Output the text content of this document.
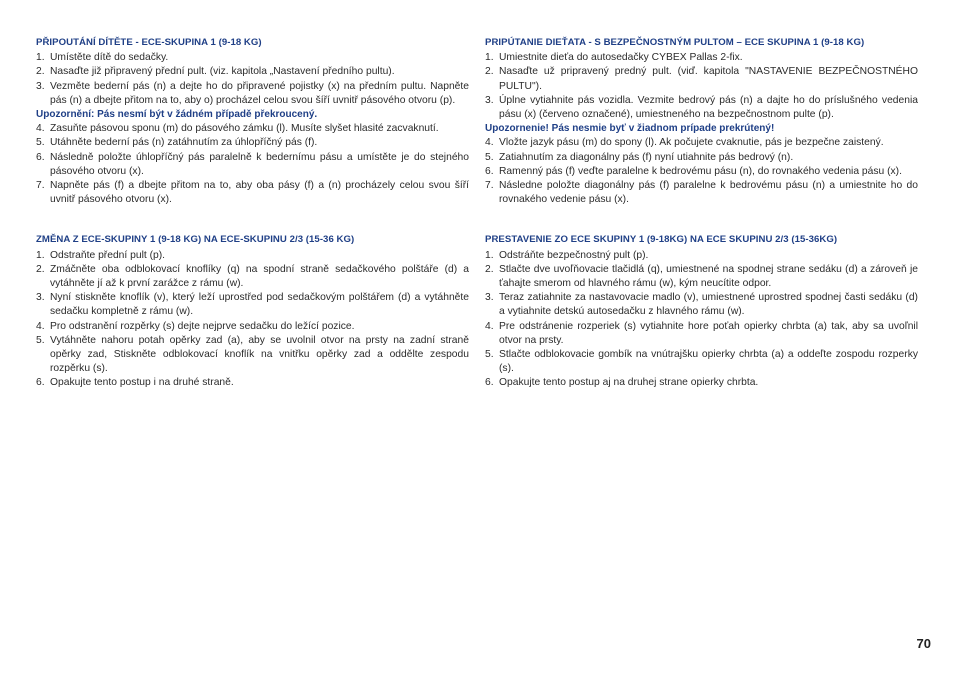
PŘIPOUTÁNÍ DÍTĚTE - ECE-SKUPINA 1 (9-18 KG)

1. Umístěte dítě do sedačky.
2. Nasaďte již připravený přední pult. (viz. kapitola „Nastavení předního pultu).
3. Vezměte bederní pás (n) a dejte ho do připravené pojistky (x) na předním pultu. Napněte pás (n) a dbejte přitom na to, aby o) procházel celou svou šíří uvnitř pásového otvoru (p).

Upozornění: Pás nesmí být v žádném případě překroucený.

4. Zasuňte pásovou sponu (m) do pásového zámku (l). Musíte slyšet hlasité zacvaknutí.
5. Utáhněte bederní pás (n) zatáhnutím za úhlopříčný pás (f).
6. Následně položte úhlopříčný pás paralelně k bedernímu pásu a umístěte je do stejného pásového otvoru (x).
7. Napněte pás (f) a dbejte přitom na to, aby oba pásy (f) a (n) procházely celou svou šíří uvnitř pásového otvoru (x).

ZMĚNA Z ECE-SKUPINY 1 (9-18 KG) NA ECE-SKUPINU 2/3 (15-36 KG)

1. Odstraňte přední pult (p).
2. Zmáčněte oba odblokovací knoflíky (q) na spodní straně sedačkového polštáře (d) a vytáhněte jí až k první zarážce z rámu (w).
3. Nyní stiskněte knoflík (v), který leží uprostřed pod sedačkovým polštářem (d) a vytáhněte sedačku kompletně z rámu (w).
4. Pro odstranění rozpěrky (s) dejte nejprve sedačku do ležící pozice.
5. Vytáhněte nahoru potah opěrky zad (a), aby se uvolnil otvor na prsty na zadní straně opěrky zad, Stiskněte odblokovací knoflík na vnitřku opěrky zad a oddělte zespodu rozpěrku (s).
6. Opakujte tento postup i na druhé straně.

PRIPÚTANIE DIEŤATA - S BEZPEČNOSTNÝM PULTOM – ECE SKUPINA 1 (9-18 KG)

1. Umiestnite dieťa do autosedačky CYBEX Pallas 2-fix.
2. Nasaďte už pripravený predný pult. (viď. kapitola "NASTAVENIE BEZPEČNOSTNÉHO PULTU").
3. Úplne vytiahnite pás vozidla. Vezmite bedrový pás (n) a dajte ho do príslušného vedenia pásu (x) (červeno označené), umiestneného na bezpečnostnom pulte (p).

Upozornenie! Pás nesmie byť v žiadnom prípade prekrútený!

4. Vložte jazyk pásu (m) do spony (l). Ak počujete cvaknutie, pás je bezpečne zaistený.
5. Zatiahnutím za diagonálny pás (f) nyní utiahnite pás bedrový (n).
6. Ramenný pás (f) veďte paralelne k bedrovému pásu (n), do rovnakého vedenia pásu (x).
7. Následne položte diagonálny pás (f) paralelne k bedrovému pásu (n) a umiestnite ho do rovnakého vedenie pásu (x).

PRESTAVENIE ZO ECE SKUPINY 1 (9-18KG) NA ECE SKUPINU 2/3 (15-36KG)

1. Odstráňte bezpečnostný pult (p).
2. Stlačte dve uvoľňovacie tlačidlá (q), umiestnené na spodnej strane sedáku (d) a zároveň je ťahajte smerom od hlavného rámu (w), kým neucítite odpor.
3. Teraz zatiahnite za nastavovacie madlo (v), umiestnené uprostred spodnej časti sedáku (d) a vytiahnite detskú autosedačku z hlavného rámu (w).
4. Pre odstránenie rozperiek (s) vytiahnite hore poťah opierky chrbta (a) tak, aby sa uvoľnil otvor na prsty.
5. Stlačte odblokovacie gombík na vnútrajšku opierky chrbta (a) a oddeľte zospodu rozperky (s).
6. Opakujte tento postup aj na druhej strane opierky chrbta.
70
